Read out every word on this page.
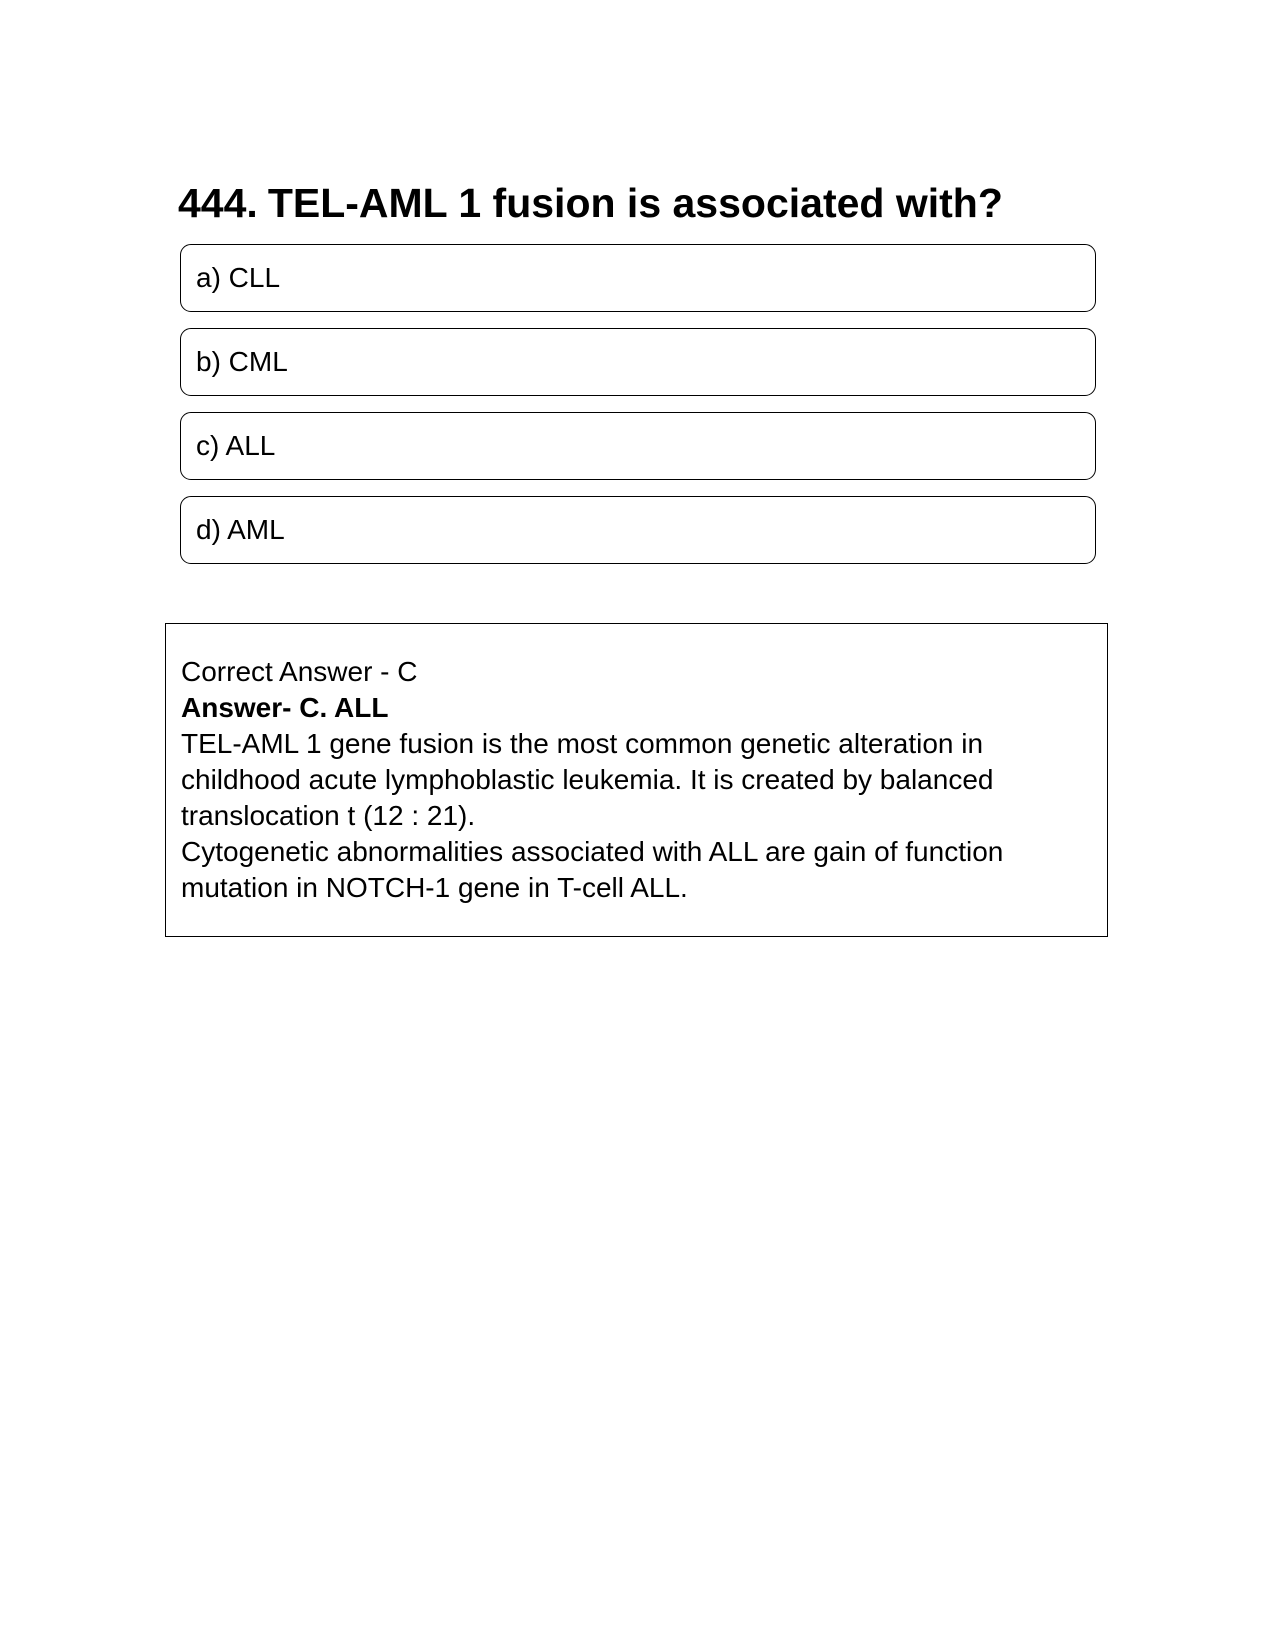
444. TEL-AML 1 fusion is associated with?
a) CLL
b) CML
c) ALL
d) AML

Correct Answer - C

Answer- C. ALL

TEL-AML 1 gene fusion is the most common genetic alteration in

childhood acute lymphoblastic leukemia. It is created by balanced

translocation t (12 : 21).

Cytogenetic abnormalities associated with ALL are gain of function

mutation in NOTCH-1 gene in T-cell ALL.
